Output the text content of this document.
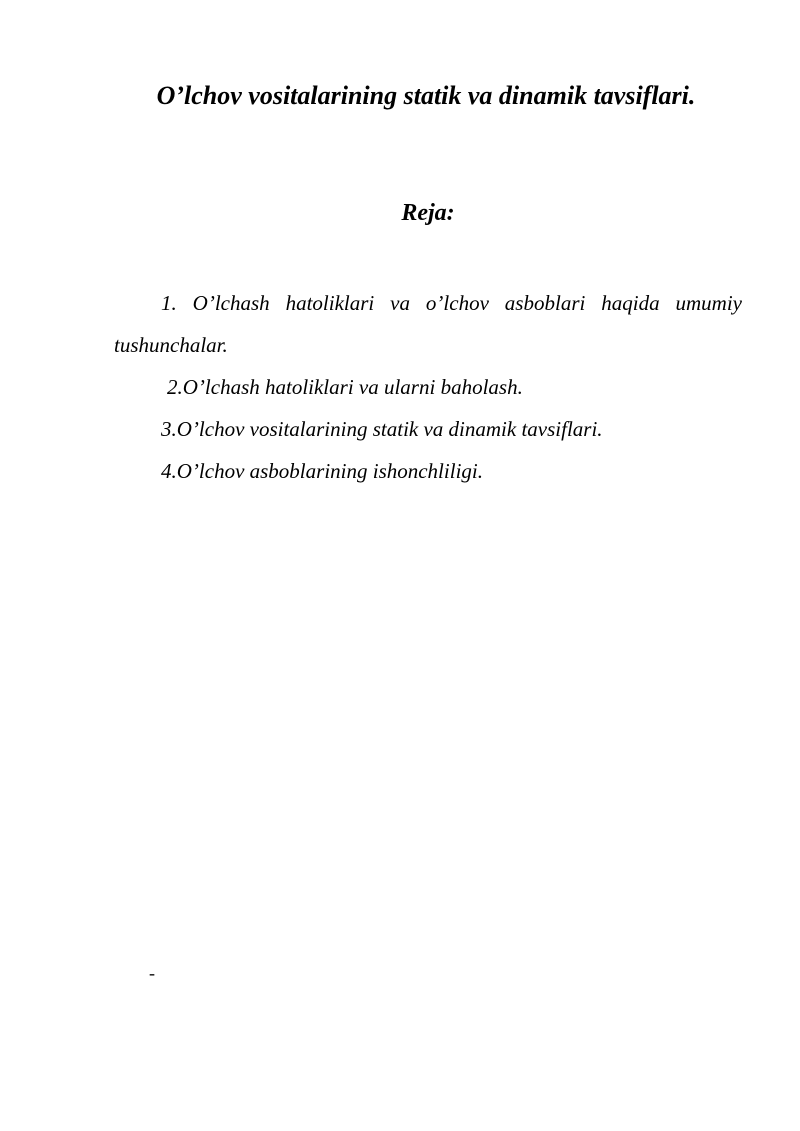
O’lchov vositalarining statik va dinamik tavsiflari.
Reja:
1. O’lchash hatoliklari va o’lchov asboblari haqida umumiy tushunchalar.
2.O’lchash hatoliklari va ularni baholash.
3.O’lchov vositalarining statik va dinamik tavsiflari.
4.O’lchov asboblarining ishonchliligi.
-
